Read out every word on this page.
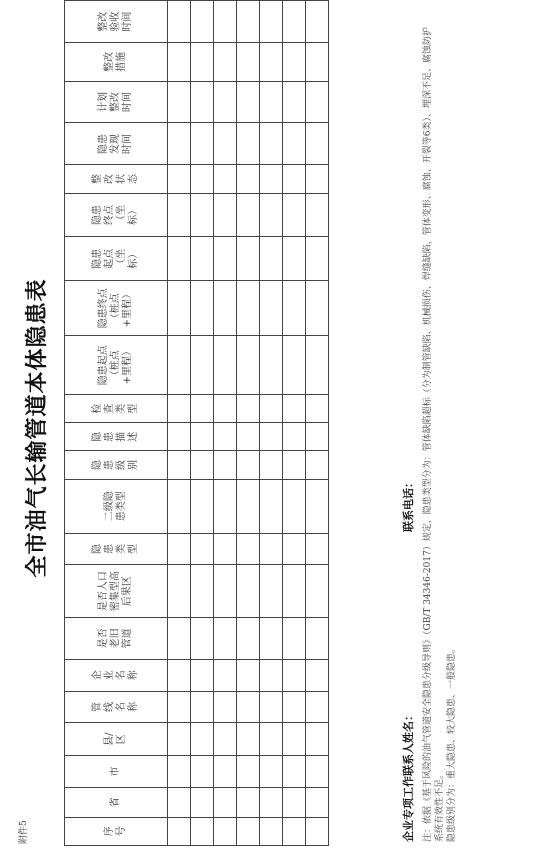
附件5
全市油气长输管道本体隐患表
序号	省	市	县/区	管线名称	企业名称	是否老旧管道	是否人口密集型高后果区	隐患类型	二级隐患类型	隐患级别	隐患描述	检查类型	隐患起点（桩点+里程）	隐患终点（桩点+里程）	隐患起点（坐标）	隐患终点（坐标）	整改状态	隐患发现时间	计划整改时间	整改措施	整改验收时间

企业专项工作联系人姓名：
联系电话： 注：依据《基于风险的油气管道安全隐患分级导则》（GB/T 34346-2017）规定，隐患类型分为：管体缺陷超标（分为制管缺陷、机械损伤、焊缝缺陷，管体变形、腐蚀、开裂等6类）、埋深不足、腐蚀防护系统有效性不足。 隐患级别分为：重大隐患、较大隐患、一般隐患。
